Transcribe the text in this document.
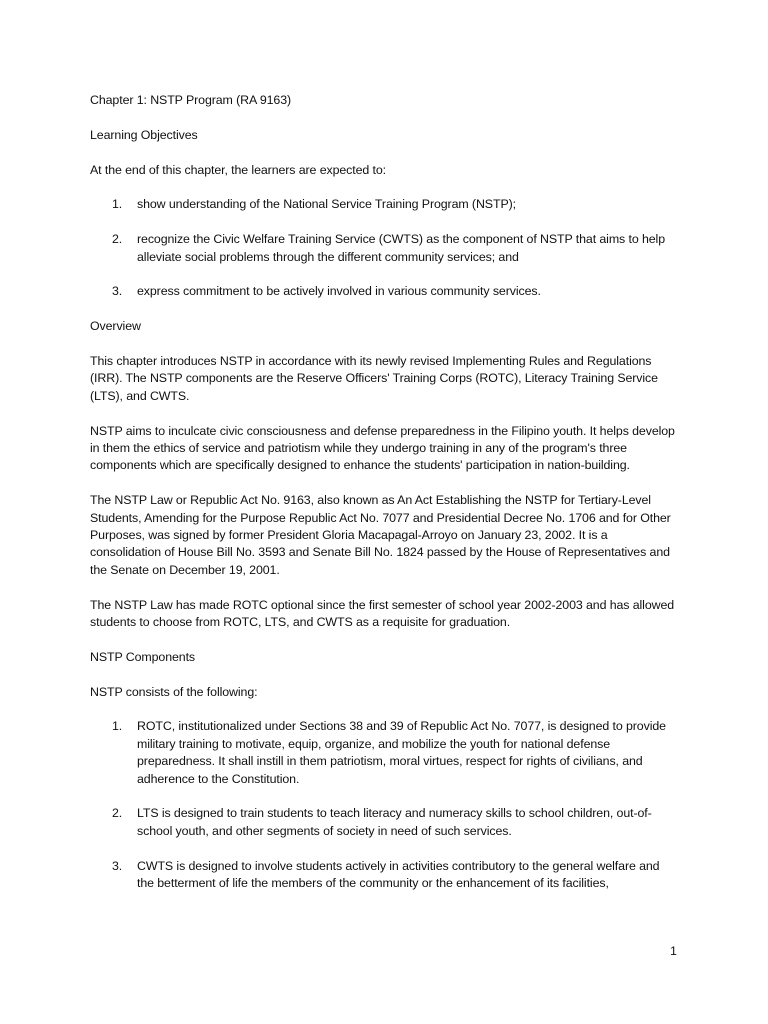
Chapter 1: NSTP Program (RA 9163)

Learning Objectives

At the end of this chapter, the learners are expected to:

1. show understanding of the National Service Training Program (NSTP);
2. recognize the Civic Welfare Training Service (CWTS) as the component of NSTP that aims to help alleviate social problems through the different community services; and
3. express commitment to be actively involved in various community services.

Overview

This chapter introduces NSTP in accordance with its newly revised Implementing Rules and Regulations (IRR). The NSTP components are the Reserve Officers' Training Corps (ROTC), Literacy Training Service (LTS), and CWTS.

NSTP aims to inculcate civic consciousness and defense preparedness in the Filipino youth. It helps develop in them the ethics of service and patriotism while they undergo training in any of the program's three components which are specifically designed to enhance the students' participation in nation-building.

The NSTP Law or Republic Act No. 9163, also known as An Act Establishing the NSTP for Tertiary-Level Students, Amending for the Purpose Republic Act No. 7077 and Presidential Decree No. 1706 and for Other Purposes, was signed by former President Gloria Macapagal-Arroyo on January 23, 2002. It is a consolidation of House Bill No. 3593 and Senate Bill No. 1824 passed by the House of Representatives and the Senate on December 19, 2001.

The NSTP Law has made ROTC optional since the first semester of school year 2002-2003 and has allowed students to choose from ROTC, LTS, and CWTS as a requisite for graduation.

NSTP Components

NSTP consists of the following:

1. ROTC, institutionalized under Sections 38 and 39 of Republic Act No. 7077, is designed to provide military training to motivate, equip, organize, and mobilize the youth for national defense preparedness. It shall instill in them patriotism, moral virtues, respect for rights of civilians, and adherence to the Constitution.
2. LTS is designed to train students to teach literacy and numeracy skills to school children, out-of-school youth, and other segments of society in need of such services.
3. CWTS is designed to involve students actively in activities contributory to the general welfare and the betterment of life the members of the community or the enhancement of its facilities,
1
